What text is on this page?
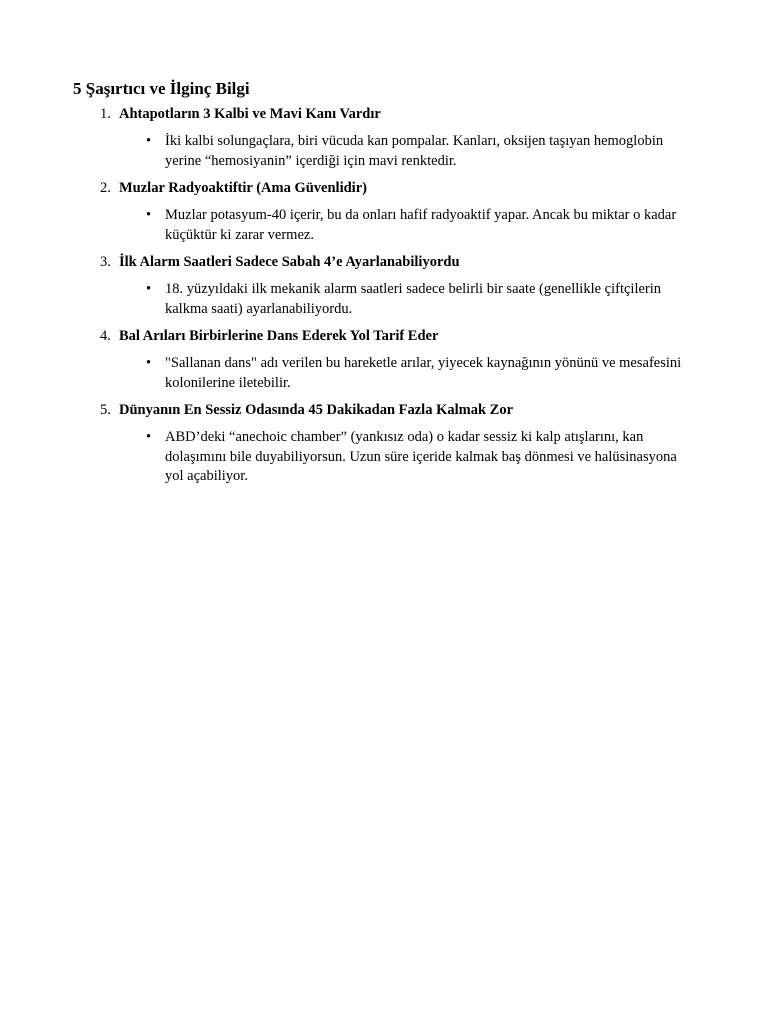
5 Şaşırtıcı ve İlginç Bilgi
1. Ahtapotların 3 Kalbi ve Mavi Kanı Vardır
• İki kalbi solungaçlara, biri vücuda kan pompalar. Kanları, oksijen taşıyan hemoglobin yerine “hemosiyanin” içerdiği için mavi renktedir.
2. Muzlar Radyoaktiftir (Ama Güvenlidir)
• Muzlar potasyum-40 içerir, bu da onları hafif radyoaktif yapar. Ancak bu miktar o kadar küçüktür ki zarar vermez.
3. İlk Alarm Saatleri Sadece Sabah 4’e Ayarlanabiliyordu
• 18. yüzyıldaki ilk mekanik alarm saatleri sadece belirli bir saate (genellikle çiftçilerin kalkma saati) ayarlanabiliyordu.
4. Bal Arıları Birbirlerine Dans Ederek Yol Tarif Eder
• "Sallanan dans" adı verilen bu hareketle arılar, yiyecek kaynağının yönünü ve mesafesini kolonilerine iletebilir.
5. Dünyanın En Sessiz Odasında 45 Dakikadan Fazla Kalmak Zor
• ABD’deki “anechoic chamber” (yankısız oda) o kadar sessiz ki kalp atışlarını, kan dolaşımını bile duyabiliyorsun. Uzun süre içeride kalmak baş dönmesi ve halüsinasyona yol açabiliyor.
